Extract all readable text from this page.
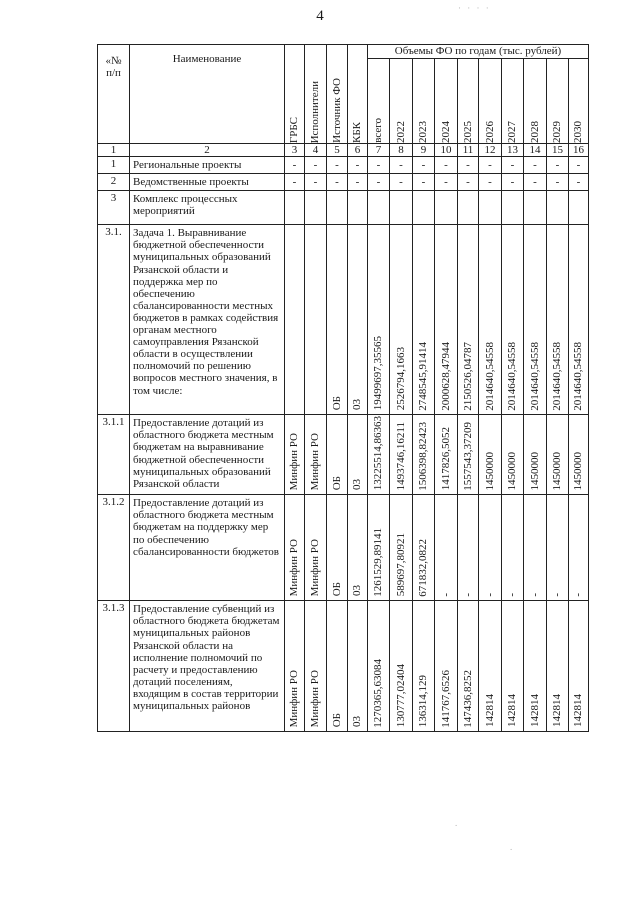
4	· · · ·
«№
п/п	Наименование	ГРБС	Исполнители	Источник ФО	КБК	Объемы ФО по годам (тыс. рублей)									

						всего	2022	2023	2024	2025	2026	2027	2028	2029	2030

1	2	3	4	5	6	7	8	9	10	11	12	13	14	15	16
1	Региональные проекты	-	-	-	-	-	-	-	-	-	-	-	-	-	-
2	Ведомственные проекты	-	-	-	-	-	-	-	-	-	-	-	-	-	-
3	Комплекс процессных мероприятий														
3.1.	Задача 1. Выравнивание бюджетной обеспеченности муниципальных образований Рязанской области и поддержка мер по обеспечению сбалансированности местных бюджетов в рамках содействия органам местного самоуправления Рязанской области в осуществлении полномочий по решению вопросов местного значения, в том числе:			ОБ	03	19499697,35565	2526794,1663	2748545,91414	2000628,47944	2150526,04787	2014640,54558	2014640,54558	2014640,54558	2014640,54558	2014640,54558

3.1.1	Предоставление дотаций из областного бюджета местным бюджетам на выравнивание бюджетной обеспеченности муниципальных образований Рязанской области	Минфин РО	Минфин РО	ОБ	03	13225514,86363	1493746,16211	1506398,82423	1417826,5052	1557543,37209	1450000	1450000	1450000	1450000	1450000

3.1.2	Предоставление дотаций из областного бюджета местным бюджетам на поддержку мер по обеспечению сбалансированности бюджетов	Минфин РО	Минфин РО	ОБ	03	1261529,89141	589697,80921	671832,0822	-	-	-	-	-	-	-

3.1.3	Предоставление субвенций из областного бюджета бюджетам муниципальных районов Рязанской области на исполнение полномочий по расчету и предоставлению дотаций поселениям, входящим в состав территории муниципальных районов	Минфин РО	Минфин РО	ОБ	03	1270365,63084	130777,02404	136314,129	141767,6526	147436,8252	142814	142814	142814	142814	142814
.
.
